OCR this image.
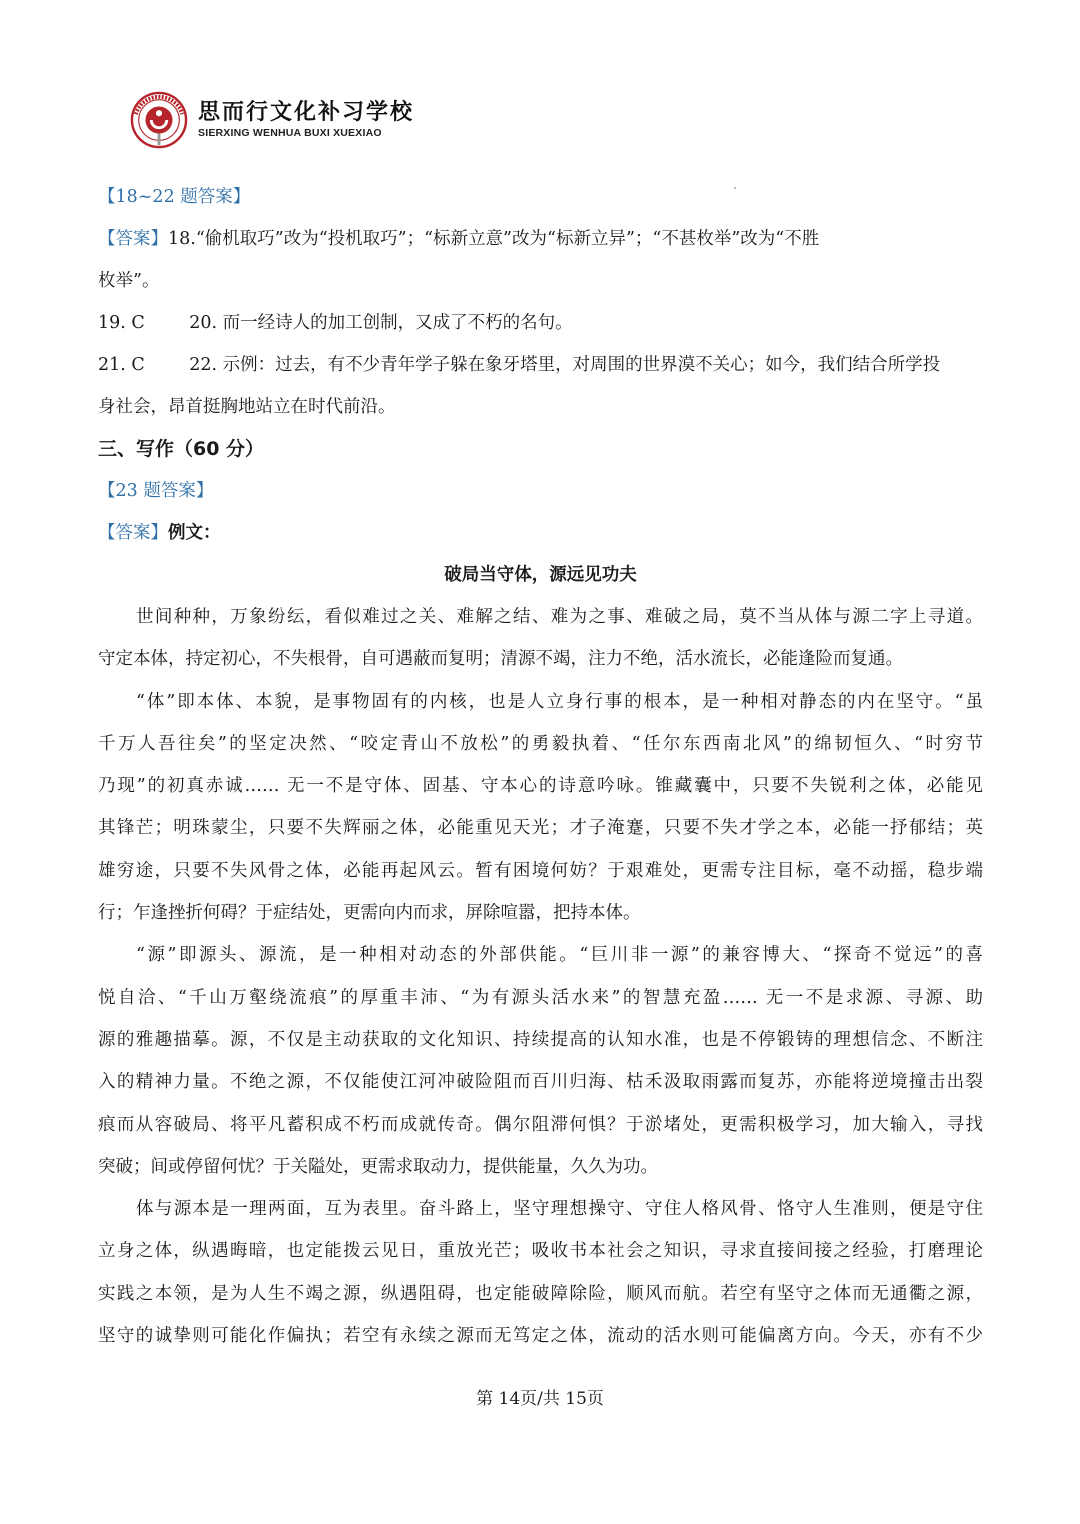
思而行文化补习学校
SIERXING WENHUA BUXI XUEXIAO
【18~22 题答案】
【答案】18.“偷机取巧”改为“投机取巧”；“标新立意”改为“标新立异”；“不甚枚举”改为“不胜
枚举”。
19. C        20. 而一经诗人的加工创制，又成了不朽的名句。
21. C        22. 示例：过去，有不少青年学子躲在象牙塔里，对周围的世界漠不关心；如今，我们结合所学投
身社会，昂首挺胸地站立在时代前沿。
三、写作（60 分）
【23 题答案】
【答案】例文：
破局当守体，源远见功夫
世间种种，万象纷纭，看似难过之关、难解之结、难为之事、难破之局，莫不当从体与源二字上寻道。
守定本体，持定初心，不失根骨，自可遇蔽而复明；清源不竭，注力不绝，活水流长，必能逢险而复通。
“体”即本体、本貌，是事物固有的内核，也是人立身行事的根本，是一种相对静态的内在坚守。“虽
千万人吾往矣”的坚定决然、“咬定青山不放松”的勇毅执着、“任尔东西南北风”的绵韧恒久、“时穷节
乃现”的初真赤诚…… 无一不是守体、固基、守本心的诗意吟咏。锥藏囊中，只要不失锐利之体，必能见
其锋芒；明珠蒙尘，只要不失辉丽之体，必能重见天光；才子淹蹇，只要不失才学之本，必能一抒郁结；英
雄穷途，只要不失风骨之体，必能再起风云。暂有困境何妨？于艰难处，更需专注目标，毫不动摇，稳步端
行；乍逢挫折何碍？于症结处，更需向内而求，屏除喧嚣，把持本体。
“源”即源头、源流，是一种相对动态的外部供能。“巨川非一源”的兼容博大、“探奇不觉远”的喜
悦自洽、“千山万壑绕流痕”的厚重丰沛、“为有源头活水来”的智慧充盈…… 无一不是求源、寻源、助
源的雅趣描摹。源，不仅是主动获取的文化知识、持续提高的认知水准，也是不停锻铸的理想信念、不断注
入的精神力量。不绝之源，不仅能使江河冲破险阻而百川归海、枯禾汲取雨露而复苏，亦能将逆境撞击出裂
痕而从容破局、将平凡蓄积成不朽而成就传奇。偶尔阻滞何惧？于淤堵处，更需积极学习，加大输入，寻找
突破；间或停留何忧？于关隘处，更需求取动力，提供能量，久久为功。
体与源本是一理两面，互为表里。奋斗路上，坚守理想操守、守住人格风骨、恪守人生准则，便是守住
立身之体，纵遇晦暗，也定能拨云见日，重放光芒；吸收书本社会之知识，寻求直接间接之经验，打磨理论
实践之本领，是为人生不竭之源，纵遇阻碍，也定能破障除险，顺风而航。若空有坚守之体而无通衢之源，
坚守的诚挚则可能化作偏执；若空有永续之源而无笃定之体，流动的活水则可能偏离方向。今天，亦有不少
第 14页/共 15页
